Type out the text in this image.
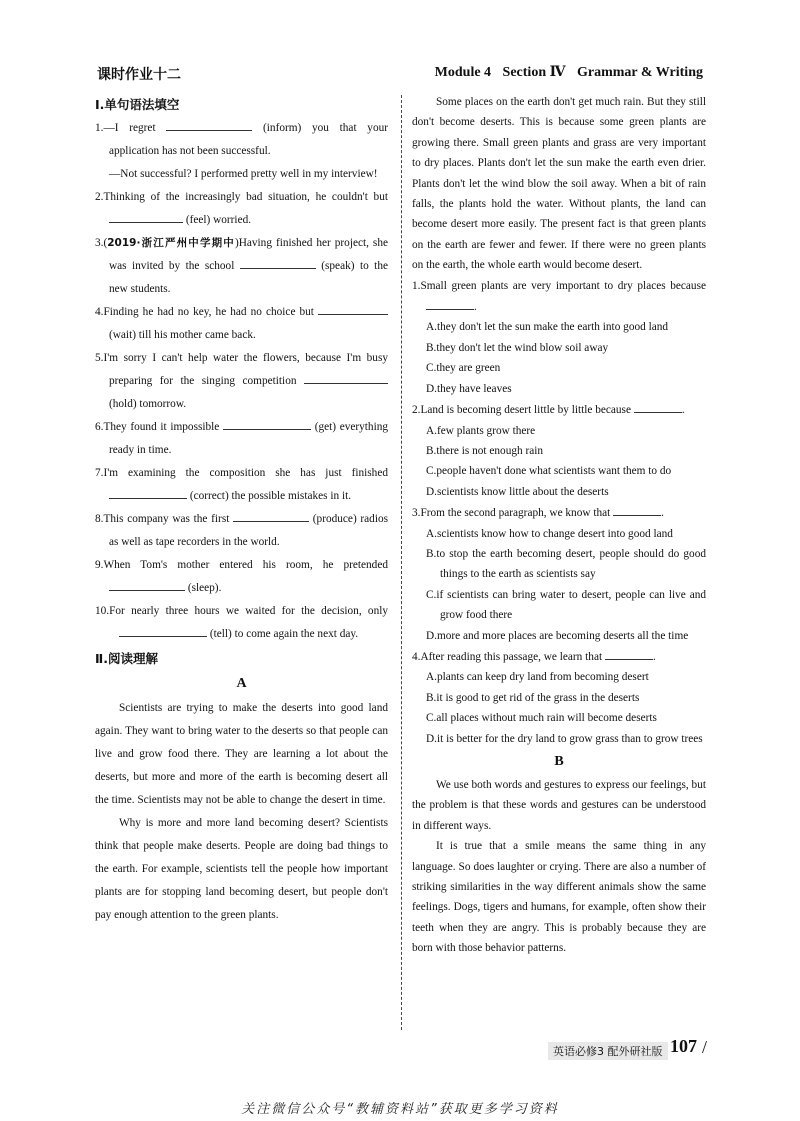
课时作业十二	Module 4 Section Ⅳ Grammar & Writing
Ⅰ.单句语法填空
1.—I regret	(inform) you that your application has not been successful.
—Not successful? I performed pretty well in my interview!
2.Thinking of the increasingly bad situation, he couldn't but  (feel) worried.
3.(2019·浙江严州中学期中)Having finished her project, she was invited by the school	(speak) to the new students.
4.Finding he had no key, he had no choice but  (wait) till his mother came back.
5.I'm sorry I can't help water the flowers, because I'm busy preparing for the singing competition  (hold) tomorrow.
6.They found it impossible	(get) everything ready in time.
7.I'm examining the composition she has just finished  (correct) the possible mistakes in it.
8.This company was the first	(produce) radios as well as tape recorders in the world.
9.When Tom's mother entered his room, he pretended  (sleep).
10.For nearly three hours we waited for the decision, only  (tell) to come again the next day.
Ⅱ.阅读理解
A
Scientists are trying to make the deserts into good land again. They want to bring water to the deserts so that people can live and grow food there. They are learning a lot about the deserts, but more and more of the earth is becoming desert all the time. Scientists may not be able to change the desert in time.
Why is more and more land becoming desert? Scientists think that people make deserts. People are doing bad things to the earth. For example, scientists tell the people how important plants are for stopping land becoming desert, but people don't pay enough attention to the green plants.
Some places on the earth don't get much rain. But they still don't become deserts. This is because some green plants are growing there. Small green plants and grass are very important to dry places. Plants don't let the sun make the earth even drier. Plants don't let the wind blow the soil away. When a bit of rain falls, the plants hold the water. Without plants, the land can become desert more easily. The present fact is that green plants on the earth are fewer and fewer. If there were no green plants on the earth, the whole earth would become desert.
1.Small green plants are very important to dry places because .
A.they don't let the sun make the earth into good land
B.they don't let the wind blow soil away
C.they are green
D.they have leaves
2.Land is becoming desert little by little because	.
A.few plants grow there
B.there is not enough rain
C.people haven't done what scientists want them to do
D.scientists know little about the deserts
3.From the second paragraph, we know that	.
A.scientists know how to change desert into good land
B.to stop the earth becoming desert, people should do good things to the earth as scientists say
C.if scientists can bring water to desert, people can live and grow food there
D.more and more places are becoming deserts all the time
4.After reading this passage, we learn that	.
A.plants can keep dry land from becoming desert
B.it is good to get rid of the grass in the deserts
C.all places without much rain will become deserts
D.it is better for the dry land to grow grass than to grow trees
B
We use both words and gestures to express our feelings, but the problem is that these words and gestures can be understood in different ways.
It is true that a smile means the same thing in any language. So does laughter or crying. There are also a number of striking similarities in the way different animals show the same feelings. Dogs, tigers and humans, for example, often show their teeth when they are angry. This is probably because they are born with those behavior patterns.
英语必修3 配外研社版 107 /
关注微信公众号“教辅资料站”获取更多学习资料
